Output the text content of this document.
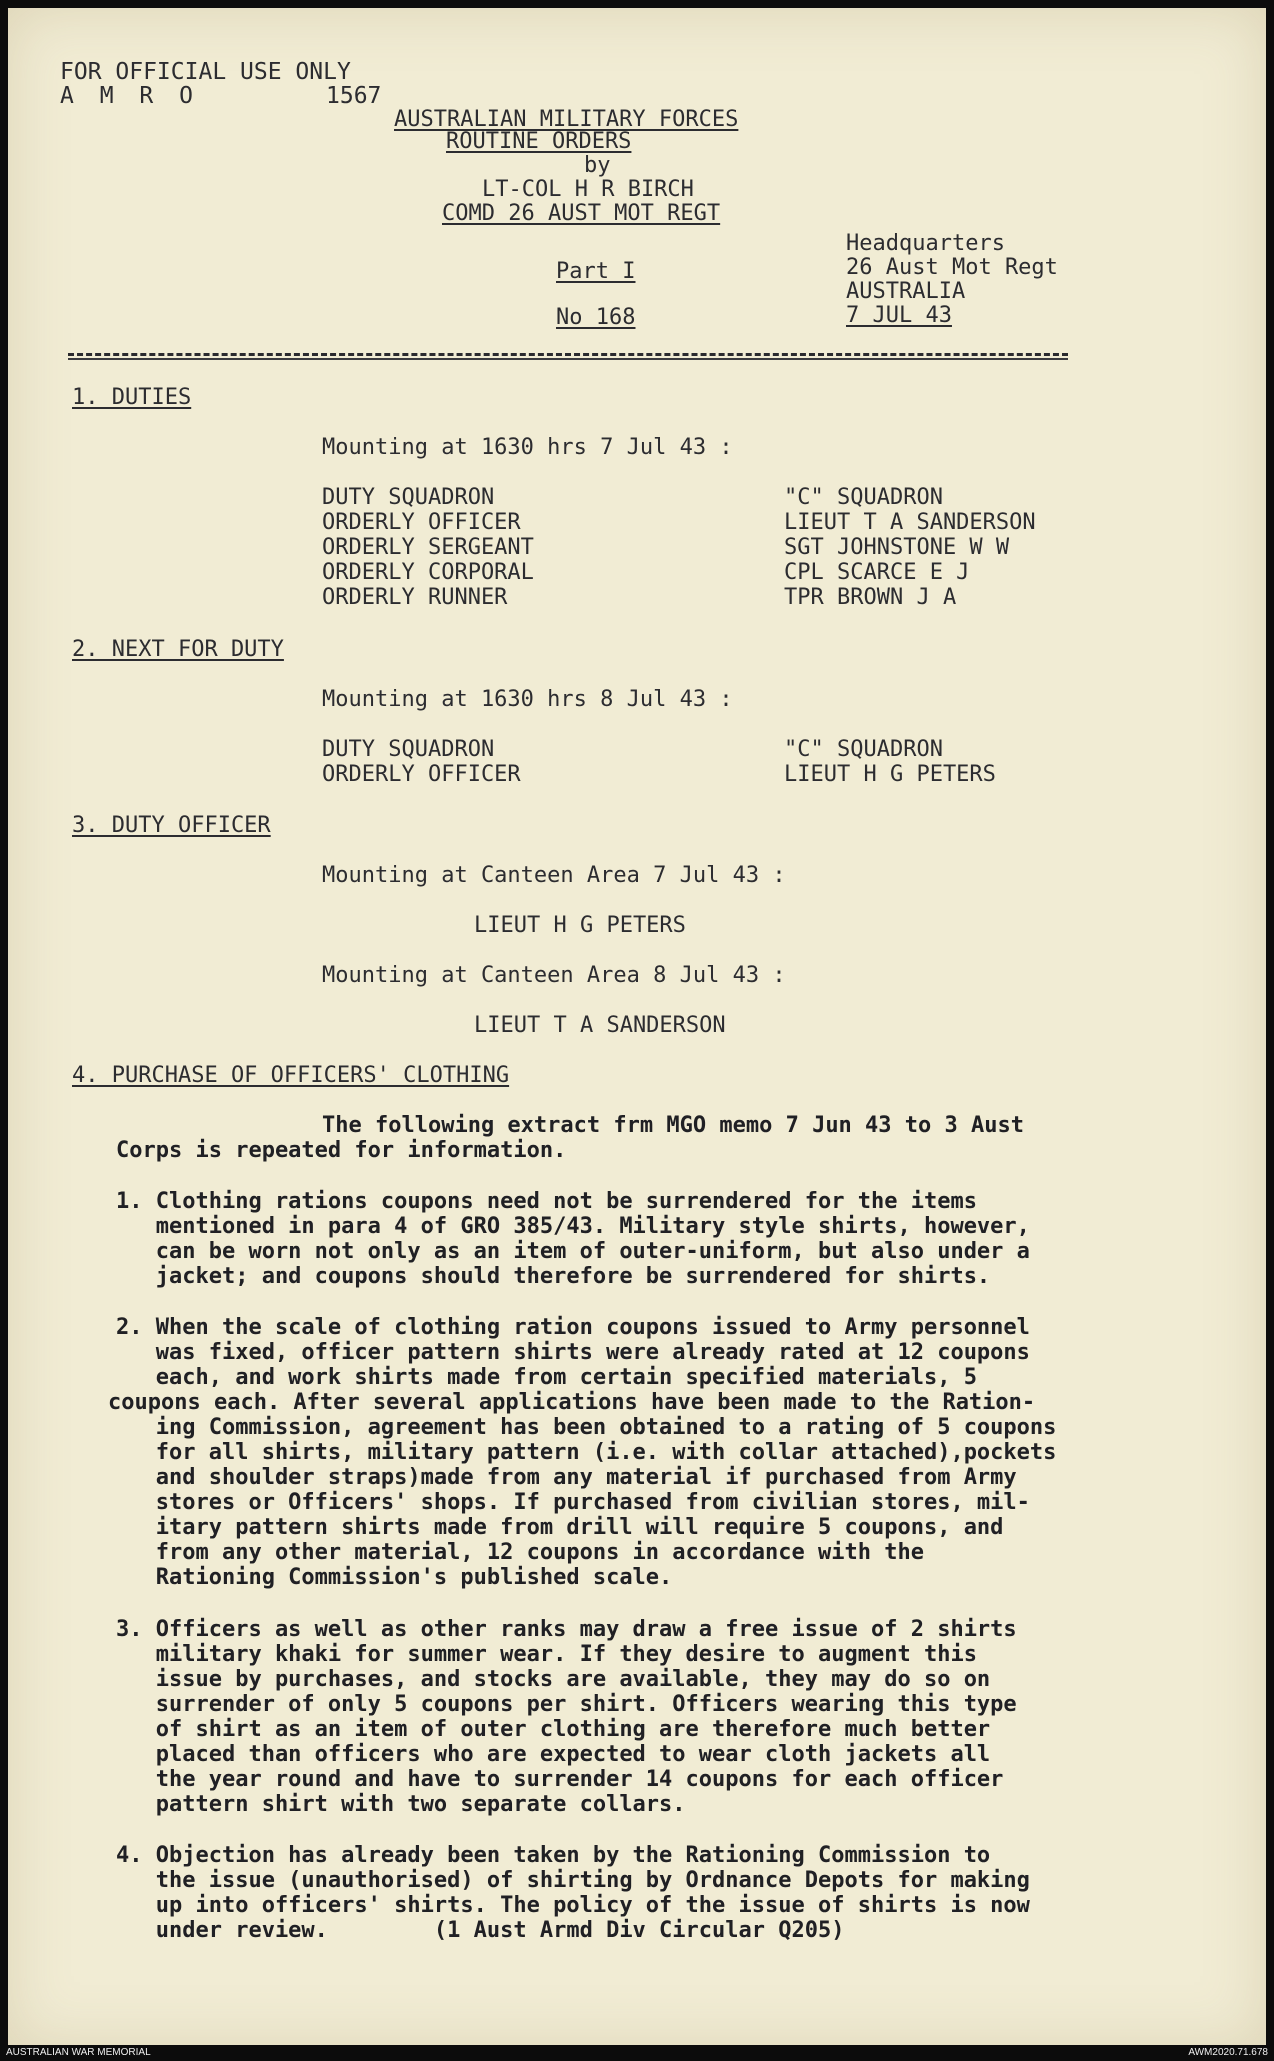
FOR OFFICIAL USE ONLY
A M R O	1567
AUSTRALIAN MILITARY FORCES
ROUTINE ORDERS
by
LT-COL H R BIRCH
COMD 26 AUST MOT REGT
Headquarters
26 Aust Mot Regt
AUSTRALIA
7 JUL 43
Part I
No 168
1. DUTIES
Mounting at 1630 hrs 7 Jul 43 :
DUTY SQUADRON	"C" SQUADRON
ORDERLY OFFICER	LIEUT T A SANDERSON
ORDERLY SERGEANT	SGT JOHNSTONE W W
ORDERLY CORPORAL	CPL SCARCE E J
ORDERLY RUNNER	TPR BROWN J A
2. NEXT FOR DUTY
Mounting at 1630 hrs 8 Jul 43 :
DUTY SQUADRON	"C" SQUADRON
ORDERLY OFFICER	LIEUT H G PETERS
3. DUTY OFFICER
Mounting at Canteen Area 7 Jul 43 :
LIEUT H G PETERS
Mounting at Canteen Area 8 Jul 43 :
LIEUT T A SANDERSON
4. PURCHASE OF OFFICERS' CLOTHING
The following extract frm MGO memo 7 Jun 43 to 3 Aust
Corps is repeated for information.
1. Clothing rations coupons need not be surrendered for the items
mentioned in para 4 of GRO 385/43. Military style shirts, however,
can be worn not only as an item of outer-uniform, but also under a
jacket; and coupons should therefore be surrendered for shirts.
2. When the scale of clothing ration coupons issued to Army personnel
was fixed, officer pattern shirts were already rated at 12 coupons
each, and work shirts made from certain specified materials, 5
coupons each. After several applications have been made to the Ration-
ing Commission, agreement has been obtained to a rating of 5 coupons
for all shirts, military pattern (i.e. with collar attached),pockets
and shoulder straps)made from any material if purchased from Army
stores or Officers' shops. If purchased from civilian stores, mil-
itary pattern shirts made from drill will require 5 coupons, and
from any other material, 12 coupons in accordance with the
Rationing Commission's published scale.
3. Officers as well as other ranks may draw a free issue of 2 shirts
military khaki for summer wear. If they desire to augment this
issue by purchases, and stocks are available, they may do so on
surrender of only 5 coupons per shirt. Officers wearing this type
of shirt as an item of outer clothing are therefore much better
placed than officers who are expected to wear cloth jackets all
the year round and have to surrender 14 coupons for each officer
pattern shirt with two separate collars.
4. Objection has already been taken by the Rationing Commission to
the issue (unauthorised) of shirting by Ordnance Depots for making
up into officers' shirts. The policy of the issue of shirts is now
under review.        (1 Aust Armd Div Circular Q205)
AUSTRALIAN WAR MEMORIAL	AWM2020.71.678
